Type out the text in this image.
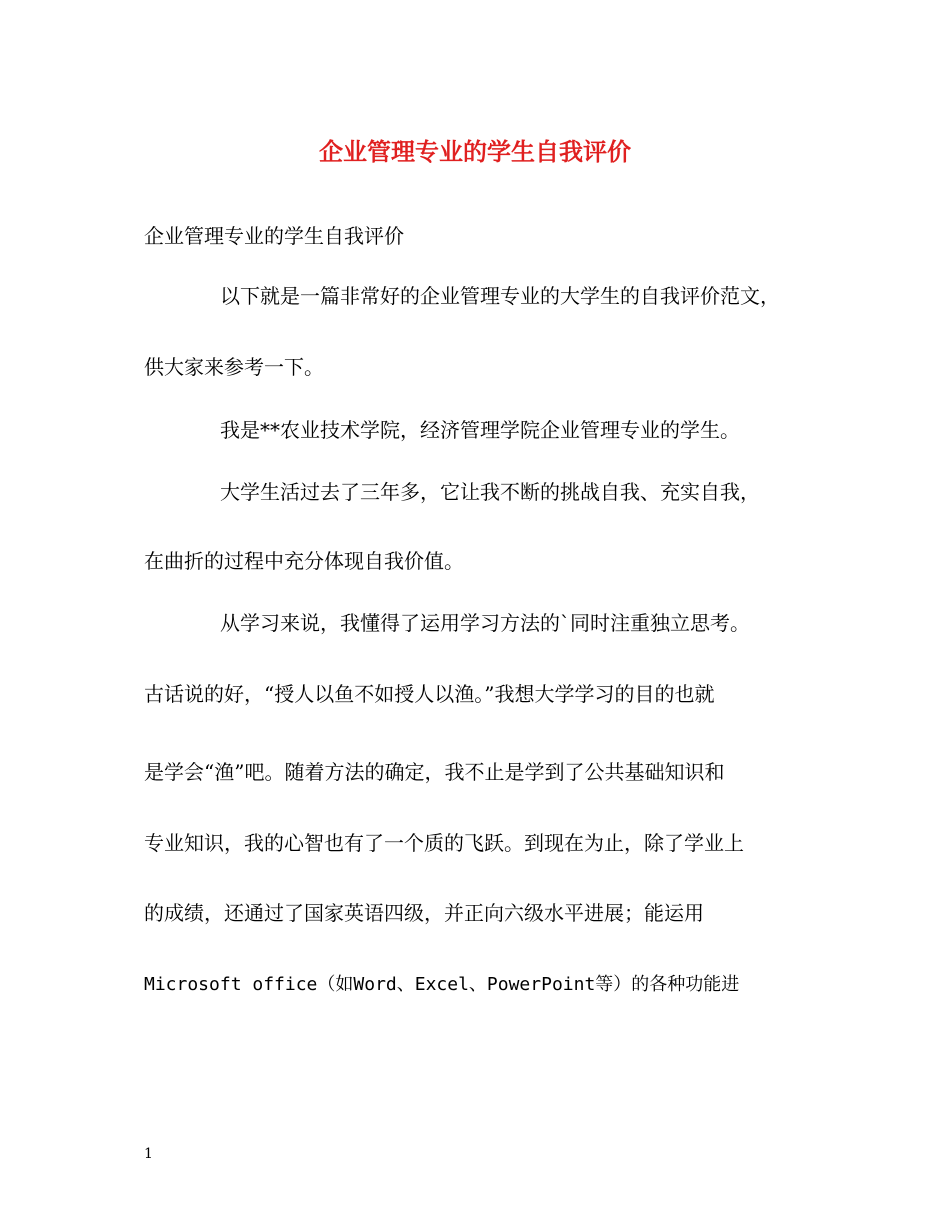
企业管理专业的学生自我评价
企业管理专业的学生自我评价
以下就是一篇非常好的企业管理专业的大学生的自我评价范文，
供大家来参考一下。
我是**农业技术学院，经济管理学院企业管理专业的学生。
大学生活过去了三年多，它让我不断的挑战自我、充实自我，
在曲折的过程中充分体现自我价值。
从学习来说，我懂得了运用学习方法的`同时注重独立思考。
古话说的好，“授人以鱼不如授人以渔。”我想大学学习的目的也就
是学会“渔”吧。随着方法的确定，我不止是学到了公共基础知识和
专业知识，我的心智也有了一个质的飞跃。到现在为止，除了学业上
的成绩，还通过了国家英语四级，并正向六级水平进展；能运用
Microsoft office（如Word、Excel、PowerPoint等）的各种功能进
1
